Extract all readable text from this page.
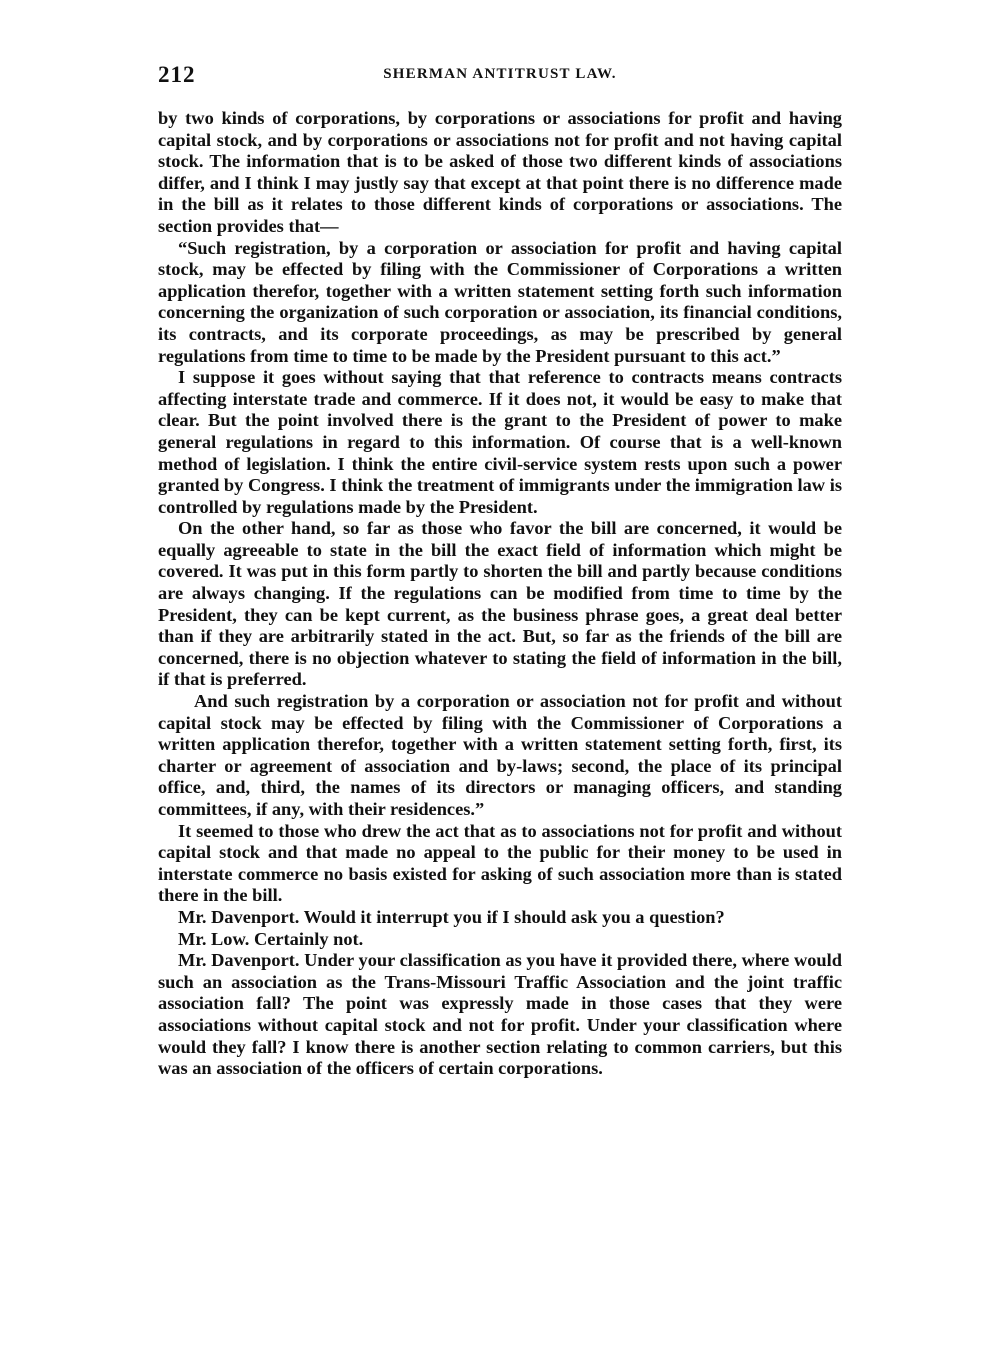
212	SHERMAN ANTITRUST LAW.

by two kinds of corporations, by corporations or associations for profit and having capital stock, and by corporations or associations not for profit and not having capital stock. The information that is to be asked of those two different kinds of associations differ, and I think I may justly say that except at that point there is no difference made in the bill as it relates to those different kinds of corporations or associations. The section provides that—

“Such registration, by a corporation or association for profit and having capital stock, may be effected by filing with the Commissioner of Corporations a written application therefor, together with a written statement setting forth such information concerning the organization of such corporation or association, its financial conditions, its contracts, and its corporate proceedings, as may be prescribed by general regulations from time to time to be made by the President pursuant to this act.”

I suppose it goes without saying that that reference to contracts means contracts affecting interstate trade and commerce. If it does not, it would be easy to make that clear. But the point involved there is the grant to the President of power to make general regulations in regard to this information. Of course that is a well-known method of legislation. I think the entire civil-service system rests upon such a power granted by Congress. I think the treatment of immigrants under the immigration law is controlled by regulations made by the President.

On the other hand, so far as those who favor the bill are concerned, it would be equally agreeable to state in the bill the exact field of information which might be covered. It was put in this form partly to shorten the bill and partly because conditions are always changing. If the regulations can be modified from time to time by the President, they can be kept current, as the business phrase goes, a great deal better than if they are arbitrarily stated in the act. But, so far as the friends of the bill are concerned, there is no objection whatever to stating the field of information in the bill, if that is preferred.

And such registration by a corporation or association not for profit and without capital stock may be effected by filing with the Commissioner of Corporations a written application therefor, together with a written statement setting forth, first, its charter or agreement of association and by-laws; second, the place of its principal office, and, third, the names of its directors or managing officers, and standing committees, if any, with their residences.”

It seemed to those who drew the act that as to associations not for profit and without capital stock and that made no appeal to the public for their money to be used in interstate commerce no basis existed for asking of such association more than is stated there in the bill.

Mr. Davenport. Would it interrupt you if I should ask you a question?

Mr. Low. Certainly not.

Mr. Davenport. Under your classification as you have it provided there, where would such an association as the Trans-Missouri Traffic Association and the joint traffic association fall? The point was expressly made in those cases that they were associations without capital stock and not for profit. Under your classification where would they fall? I know there is another section relating to common carriers, but this was an association of the officers of certain corporations.
